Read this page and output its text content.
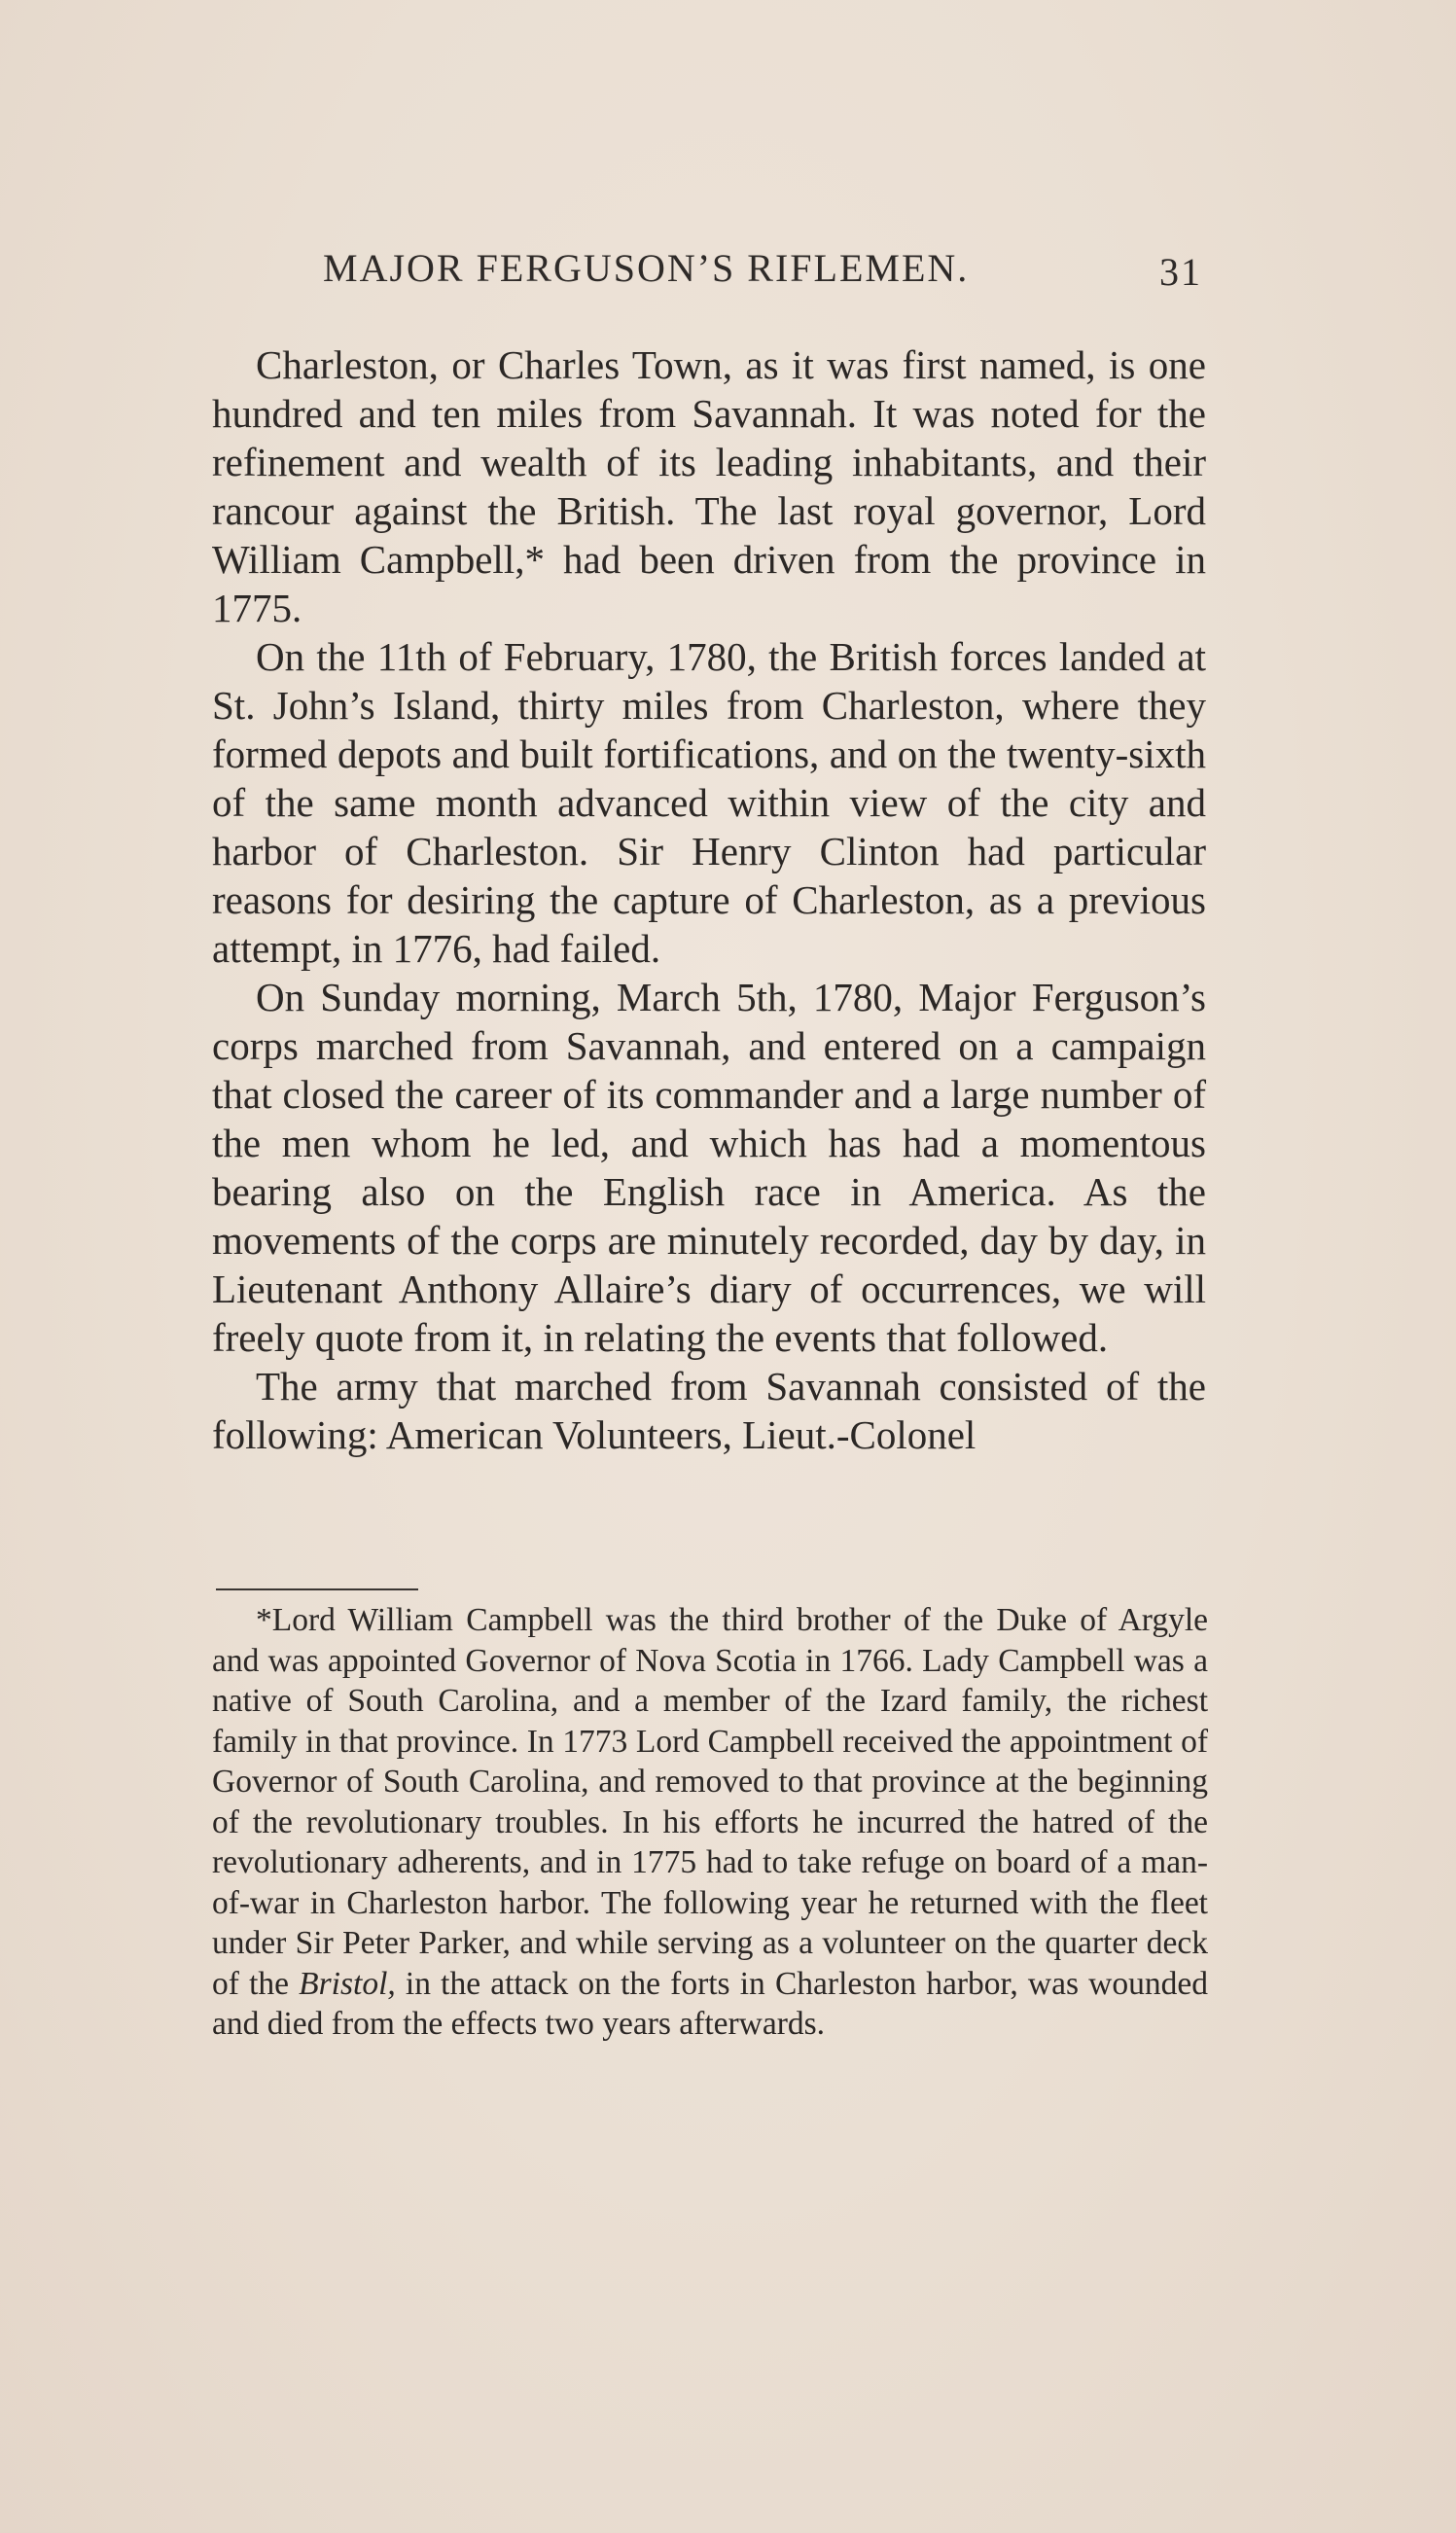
MAJOR FERGUSON’S RIFLEMEN.	31

Charleston, or Charles Town, as it was first named, is one hundred and ten miles from Savannah. It was noted for the refinement and wealth of its leading inhabitants, and their rancour against the British. The last royal governor, Lord William Campbell,* had been driven from the province in 1775.

On the 11th of February, 1780, the British forces landed at St. John’s Island, thirty miles from Charleston, where they formed depots and built fortifications, and on the twenty-sixth of the same month advanced within view of the city and harbor of Charleston. Sir Henry Clinton had particular reasons for desiring the capture of Charleston, as a previous attempt, in 1776, had failed.

On Sunday morning, March 5th, 1780, Major Ferguson’s corps marched from Savannah, and entered on a campaign that closed the career of its commander and a large number of the men whom he led, and which has had a momentous bearing also on the English race in America. As the movements of the corps are minutely recorded, day by day, in Lieutenant Anthony Allaire’s diary of occurrences, we will freely quote from it, in relating the events that followed.

The army that marched from Savannah consisted of the following: American Volunteers, Lieut.-Colonel

*Lord William Campbell was the third brother of the Duke of Argyle and was appointed Governor of Nova Scotia in 1766. Lady Campbell was a native of South Carolina, and a member of the Izard family, the richest family in that province. In 1773 Lord Campbell received the appointment of Governor of South Carolina, and removed to that province at the beginning of the revolutionary troubles. In his efforts he incurred the hatred of the revolutionary adherents, and in 1775 had to take refuge on board of a man-of-war in Charleston harbor. The following year he returned with the fleet under Sir Peter Parker, and while serving as a volunteer on the quarter deck of the Bristol, in the attack on the forts in Charleston harbor, was wounded and died from the effects two years afterwards.
